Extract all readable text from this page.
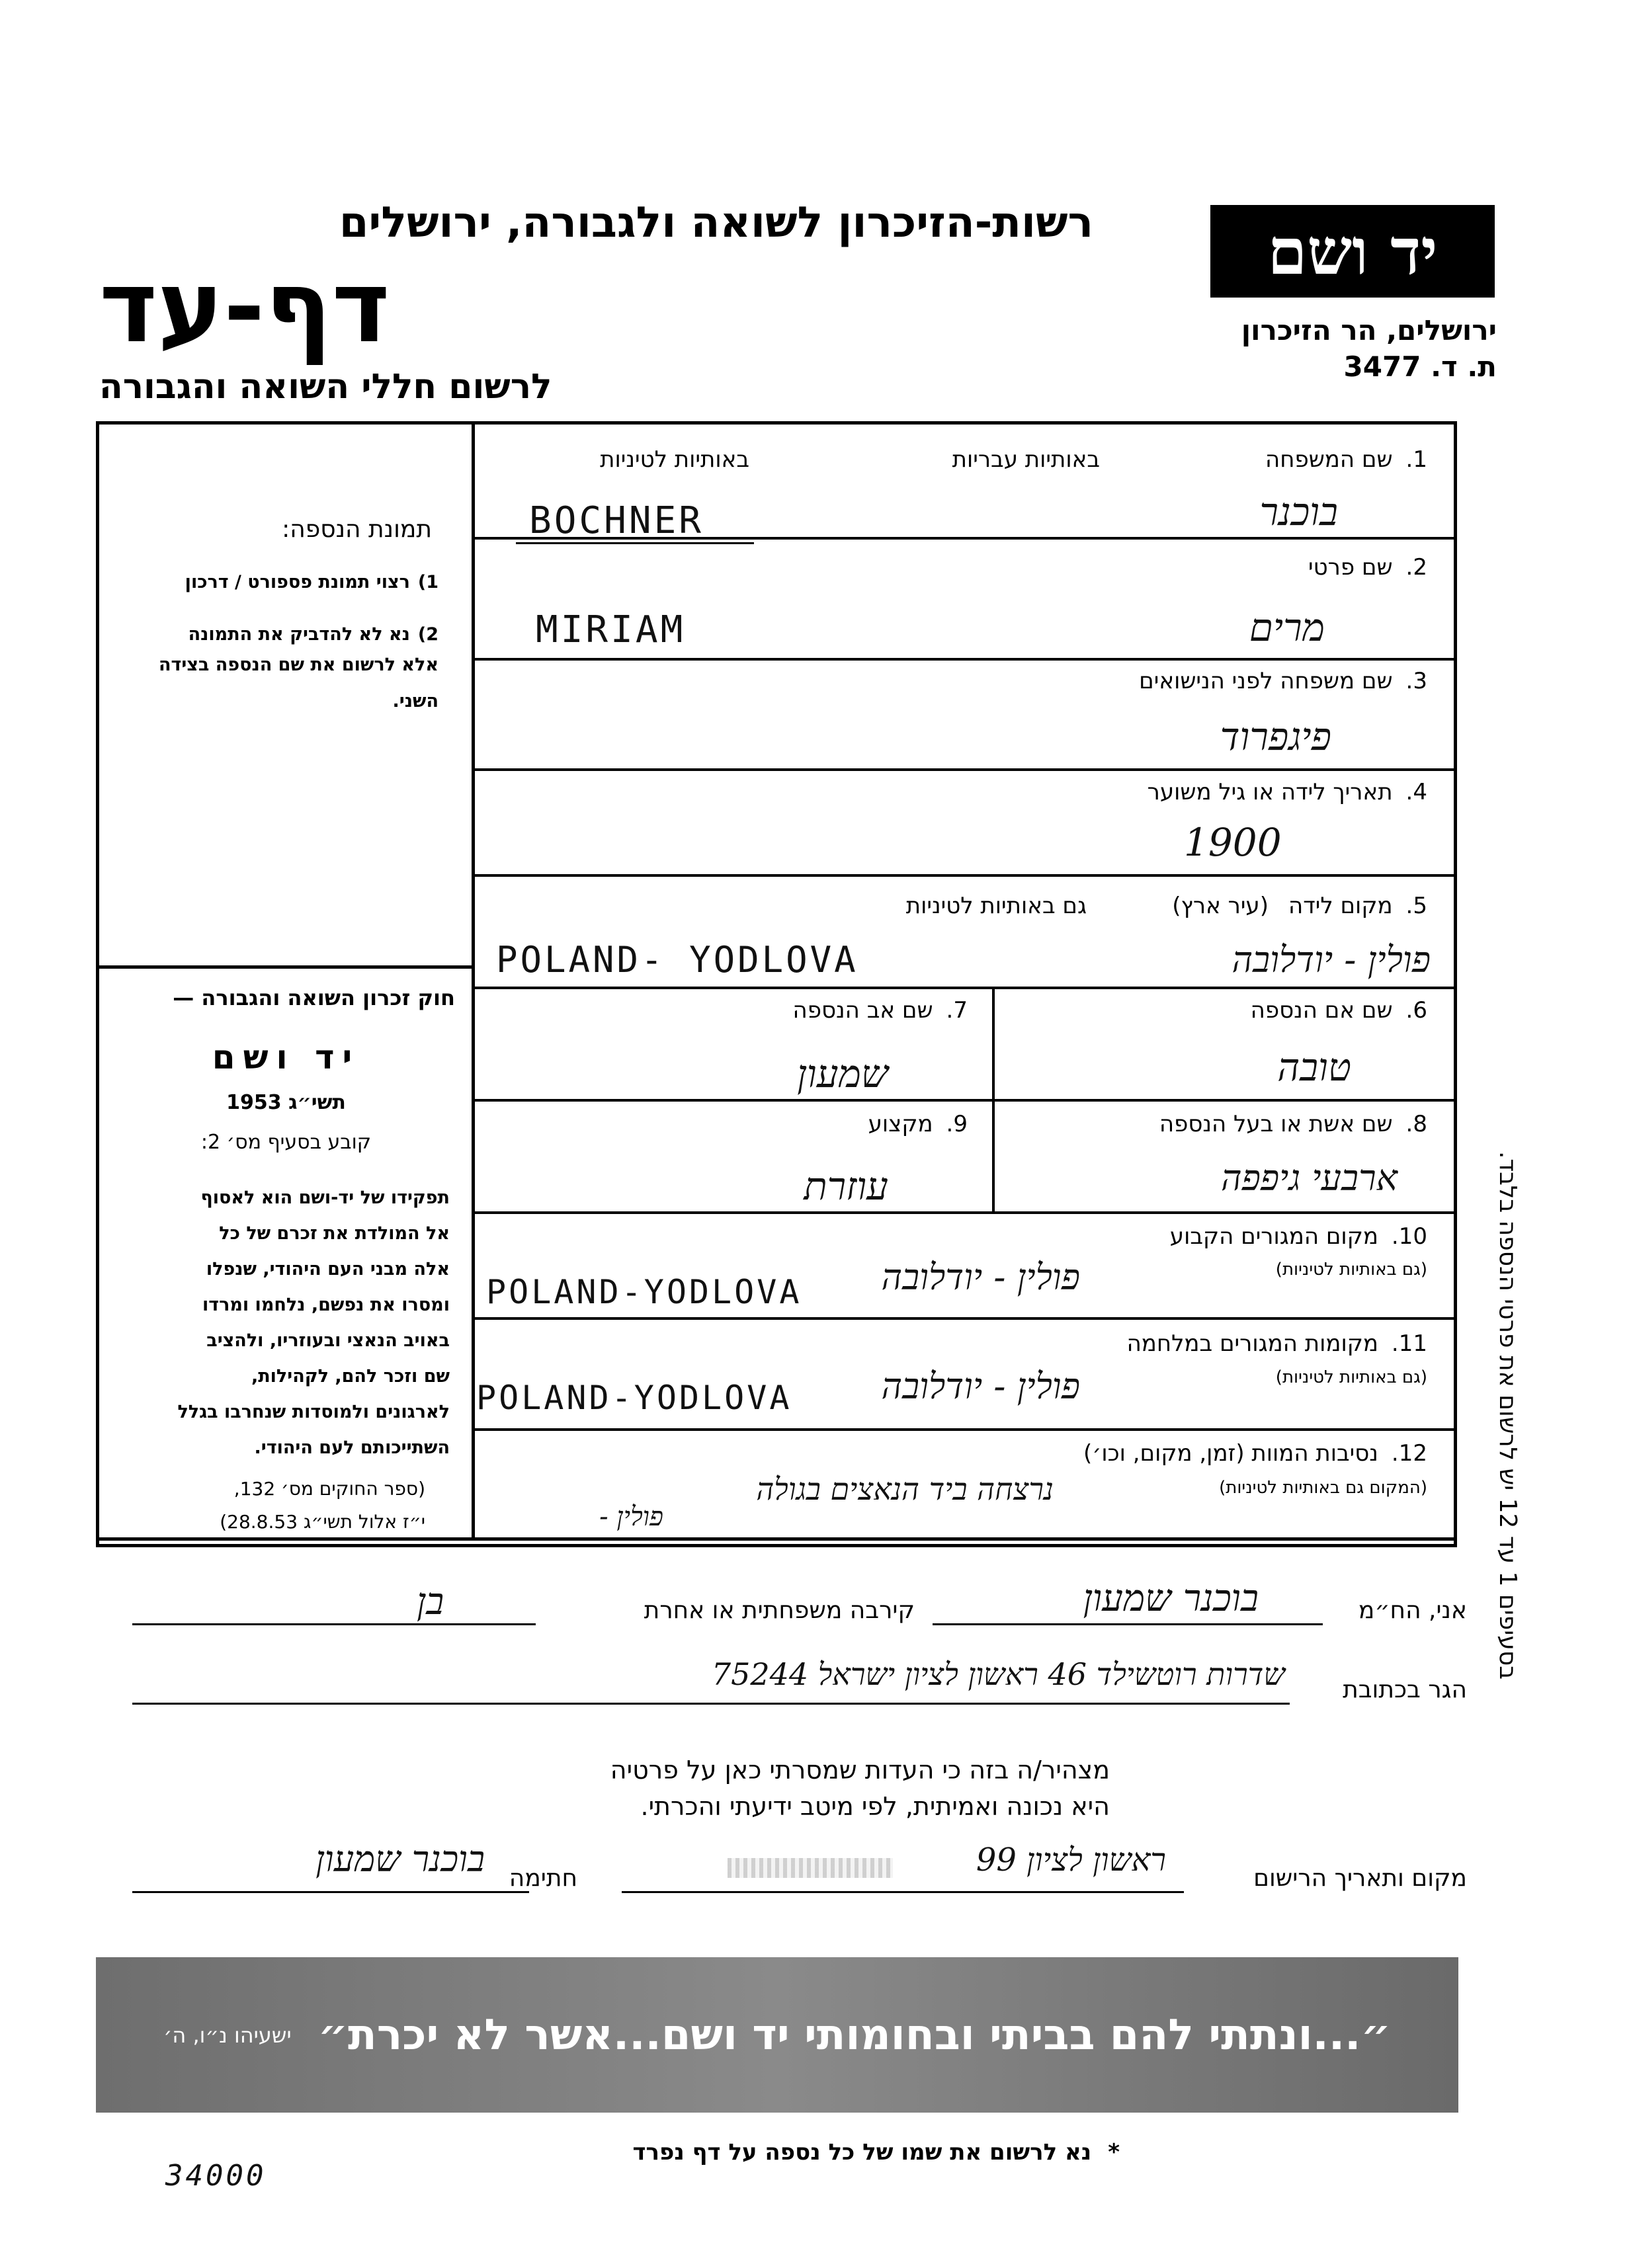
רשות-הזיכרון לשואה ולגבורה, ירושלים
דף-עד
לרשום חללי השואה והגבורה
יד ושם
ירושלים, הר הזיכרון
ת. ד. 3477
1.שם המשפחה
באותיות עבריות
באותיות לטיניות
בוכנר
BOCHNER
2.שם פרטי
מרים
MIRIAM
3.שם משפחה לפני הנישואים
פיגפרוד
4.תאריך לידה או גיל משוער
1900
5.מקום לידה(עיר ארץ)
גם באותיות לטיניות
פולין - יודלובה
POLAND- YODLOVA
6.שם אם הנספה
טובה
7.שם אב הנספה
שמעון
8.שם אשת או בעל הנספה
ארבעי גיפפה
9.מקצוע
עוזרת
10.מקום המגורים הקבוע
(גם באותיות לטיניות)
פולין - יודלובה
POLAND-YODLOVA
11.מקומות המגורים במלחמה
(גם באותיות לטיניות)
פולין - יודלובה
POLAND-YODLOVA
12.נסיבות המוות (זמן, מקום, וכו׳)
(המקום גם באותיות לטיניות)
נרצחה ביד הנאצים בגולה
פולין -
תמונת הנספה:
1)רצוי תמונת פספורט / דרכון
2)נא לא להדביק את התמונה
אלא לרשום את שם הנספה בצידה
השני.
חוק זכרון השואה והגבורה —
יד ושם
תשי״ג 1953
קובע בסעיף מס׳ 2:
תפקידו של יד-ושם הוא לאסוף
אל המולדת את זכרם של כל
אלה מבני העם היהודי, שנפלו
ומסרו את נפשם, נלחמו ומרדו
באויב הנאצי ובעוזריו, ולהציב
שם וזכר להם, לקהילות,
לארגונים ולמוסדות שנחרבו בגלל
השתייכותם לעם היהודי.
(ספר החוקים מס׳ 132,
י״ז אלול תשי״ג 28.8.53)
בסעיפים 1 עד 12 יש לרשום את פרטי הנספה בלבד.
אני, הח״מ
בוכנר שמעון
קירבה משפחתית או אחרת
בן
הגר בכתובת
שדרות רוטשילד 46 ראשון לציון ישראל 75244
מצהיר/ה בזה כי העדות שמסרתי כאן על פרטיה
היא נכונה ואמיתית, לפי מיטב ידיעתי והכרתי.
מקום ותאריך הרישום
ראשון לציון 99
חתימה
בוכנר שמעון
״...ונתתי להם בביתי ובחומותי יד ושם...אשר לא יכרת״
ישעיהו נ״ו, ה׳
34000
*נא לרשום את שמו של כל נספה על דף נפרד
